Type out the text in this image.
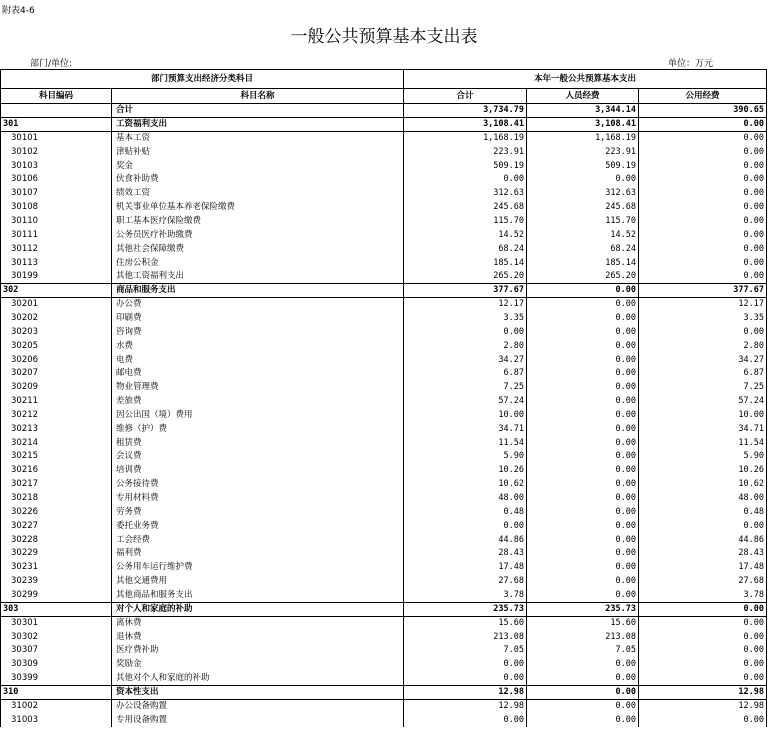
附表4-6
一般公共预算基本支出表
部门/单位:	单位：万元
部门预算支出经济分类科目		本年一般公共预算基本支出		
科目编码	科目名称	合计	人员经费	公用经费
	合计	3,734.79	3,344.14	390.65
301	工资福利支出	3,108.41	3,108.41	0.00
30101	基本工资	1,168.19	1,168.19	0.00
30102	津贴补贴	223.91	223.91	0.00
30103	奖金	509.19	509.19	0.00
30106	伙食补助费	0.00	0.00	0.00
30107	绩效工资	312.63	312.63	0.00
30108	机关事业单位基本养老保险缴费	245.68	245.68	0.00
30110	职工基本医疗保险缴费	115.70	115.70	0.00
30111	公务员医疗补助缴费	14.52	14.52	0.00
30112	其他社会保障缴费	68.24	68.24	0.00
30113	住房公积金	185.14	185.14	0.00
30199	其他工资福利支出	265.20	265.20	0.00
302	商品和服务支出	377.67	0.00	377.67
30201	办公费	12.17	0.00	12.17
30202	印刷费	3.35	0.00	3.35
30203	咨询费	0.00	0.00	0.00
30205	水费	2.80	0.00	2.80
30206	电费	34.27	0.00	34.27
30207	邮电费	6.87	0.00	6.87
30209	物业管理费	7.25	0.00	7.25
30211	差旅费	57.24	0.00	57.24
30212	因公出国（境）费用	10.00	0.00	10.00
30213	维修（护）费	34.71	0.00	34.71
30214	租赁费	11.54	0.00	11.54
30215	会议费	5.90	0.00	5.90
30216	培训费	10.26	0.00	10.26
30217	公务接待费	10.62	0.00	10.62
30218	专用材料费	48.00	0.00	48.00
30226	劳务费	0.48	0.00	0.48
30227	委托业务费	0.00	0.00	0.00
30228	工会经费	44.86	0.00	44.86
30229	福利费	28.43	0.00	28.43
30231	公务用车运行维护费	17.48	0.00	17.48
30239	其他交通费用	27.68	0.00	27.68
30299	其他商品和服务支出	3.78	0.00	3.78
303	对个人和家庭的补助	235.73	235.73	0.00
30301	离休费	15.60	15.60	0.00
30302	退休费	213.08	213.08	0.00
30307	医疗费补助	7.05	7.05	0.00
30309	奖励金	0.00	0.00	0.00
30399	其他对个人和家庭的补助	0.00	0.00	0.00
310	资本性支出	12.98	0.00	12.98
31002	办公设备购置	12.98	0.00	12.98
31003	专用设备购置	0.00	0.00	0.00
